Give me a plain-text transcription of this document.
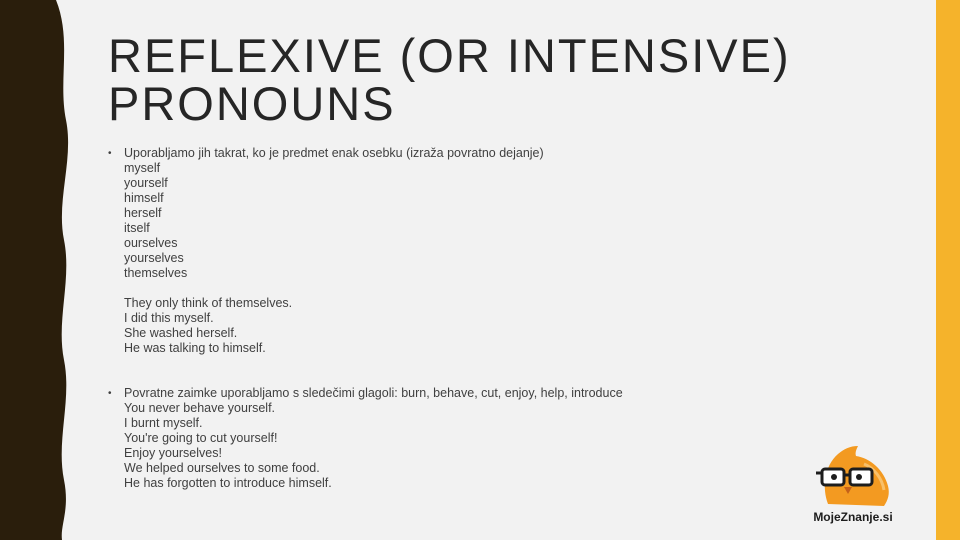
REFLEXIVE (OR INTENSIVE)
PRONOUNS
• Uporabljamo jih takrat, ko je predmet enak osebku (izraža povratno dejanje)
myself
yourself
himself
herself
itself
ourselves
yourselves
themselves
They only think of themselves.
I did this myself.
She washed herself.
He was talking to himself.
• Povratne zaimke uporabljamo s sledečimi glagoli: burn, behave, cut, enjoy, help, introduce
You never behave yourself.
I burnt myself.
You're going to cut yourself!
Enjoy yourselves!
We helped ourselves to some food.
He has forgotten to introduce himself.
MojeZnanje.si
